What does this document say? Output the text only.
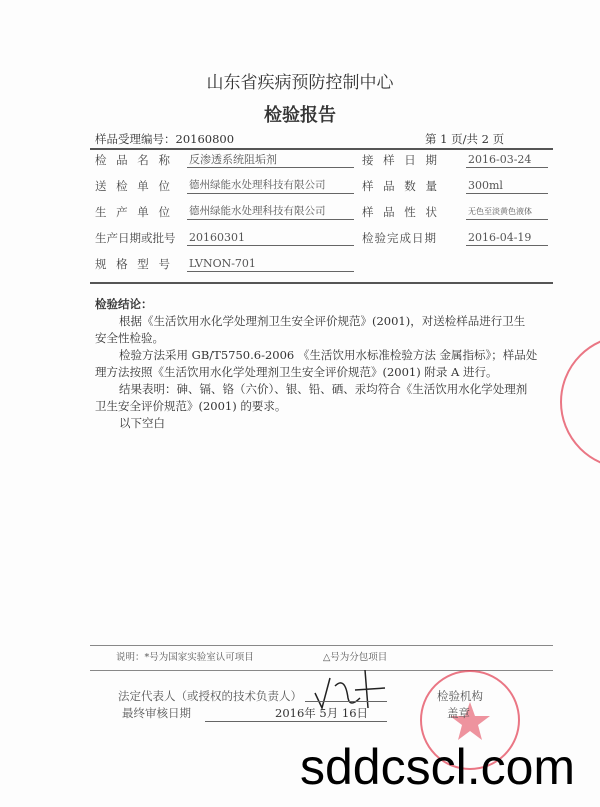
山东省疾病预防控制中心
检验报告
样品受理编号：20160800	第 1 页/共 2 页
检 品 名 称 反渗透系统阻垢剂	接 样 日 期	2016-03-24
送 检 单 位 德州绿能水处理科技有限公司	样 品 数 量	300ml
生 产 单 位 德州绿能水处理科技有限公司	样 品 性 状	无色至淡黄色液体
生产日期或批号 20160301	检验完成日期	2016-04-19
规 格 型 号 LVNON-701
检验结论：
根据《生活饮用水化学处理剂卫生安全评价规范》(2001)，对送检样品进行卫生
安全性检验。
检验方法采用 GB/T5750.6-2006 《生活饮用水标准检验方法 金属指标》；样品处
理方法按照《生活饮用水化学处理剂卫生安全评价规范》(2001) 附录 A 进行。
结果表明：砷、镉、铬（六价）、银、铅、硒、汞均符合《生活饮用水化学处理剂
卫生安全评价规范》(2001) 的要求。
以下空白
说明：*号为国家实验室认可项目	△号为分包项目
法定代表人（或授权的技术负责人）
最终审核日期	2016年 5月 16日
检验机构
盖章
sddcscl.com
